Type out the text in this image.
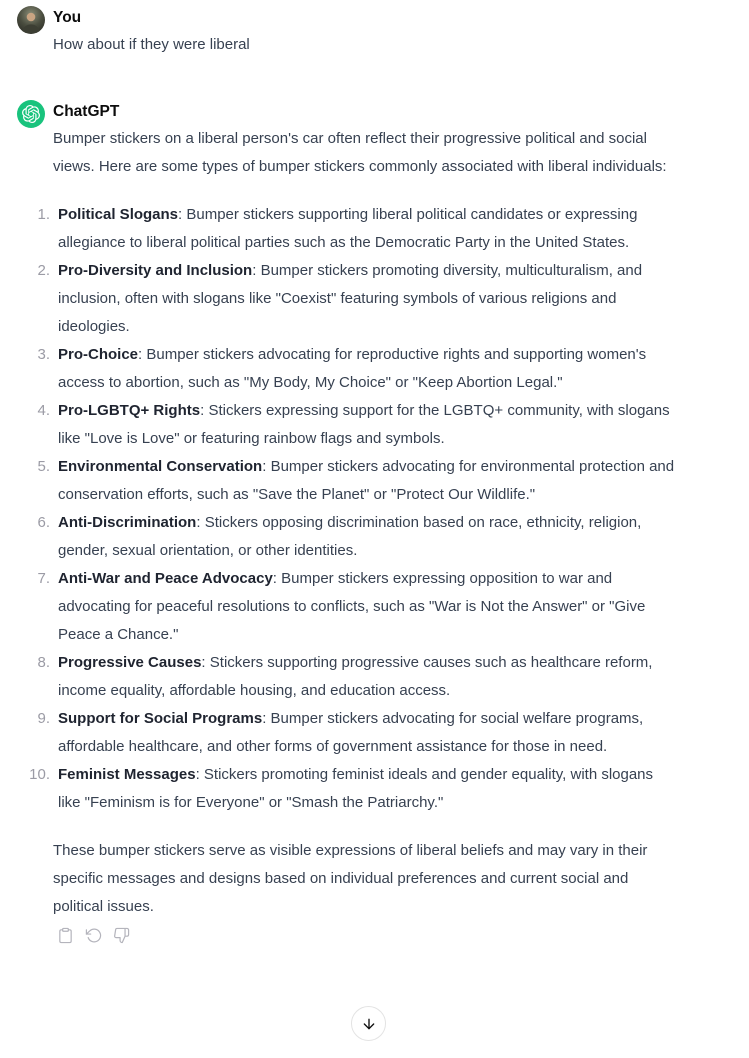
You
How about if they were liberal
ChatGPT

Bumper stickers on a liberal person's car often reflect their progressive political and social views. Here are some types of bumper stickers commonly associated with liberal individuals:

1. Political Slogans: Bumper stickers supporting liberal political candidates or expressing allegiance to liberal political parties such as the Democratic Party in the United States.
2. Pro-Diversity and Inclusion: Bumper stickers promoting diversity, multiculturalism, and inclusion, often with slogans like "Coexist" featuring symbols of various religions and ideologies.
3. Pro-Choice: Bumper stickers advocating for reproductive rights and supporting women's access to abortion, such as "My Body, My Choice" or "Keep Abortion Legal."
4. Pro-LGBTQ+ Rights: Stickers expressing support for the LGBTQ+ community, with slogans like "Love is Love" or featuring rainbow flags and symbols.
5. Environmental Conservation: Bumper stickers advocating for environmental protection and conservation efforts, such as "Save the Planet" or "Protect Our Wildlife."
6. Anti-Discrimination: Stickers opposing discrimination based on race, ethnicity, religion, gender, sexual orientation, or other identities.
7. Anti-War and Peace Advocacy: Bumper stickers expressing opposition to war and advocating for peaceful resolutions to conflicts, such as "War is Not the Answer" or "Give Peace a Chance."
8. Progressive Causes: Stickers supporting progressive causes such as healthcare reform, income equality, affordable housing, and education access.
9. Support for Social Programs: Bumper stickers advocating for social welfare programs, affordable healthcare, and other forms of government assistance for those in need.
10. Feminist Messages: Stickers promoting feminist ideals and gender equality, with slogans like "Feminism is for Everyone" or "Smash the Patriarchy."

These bumper stickers serve as visible expressions of liberal beliefs and may vary in their specific messages and designs based on individual preferences and current social and political issues.
